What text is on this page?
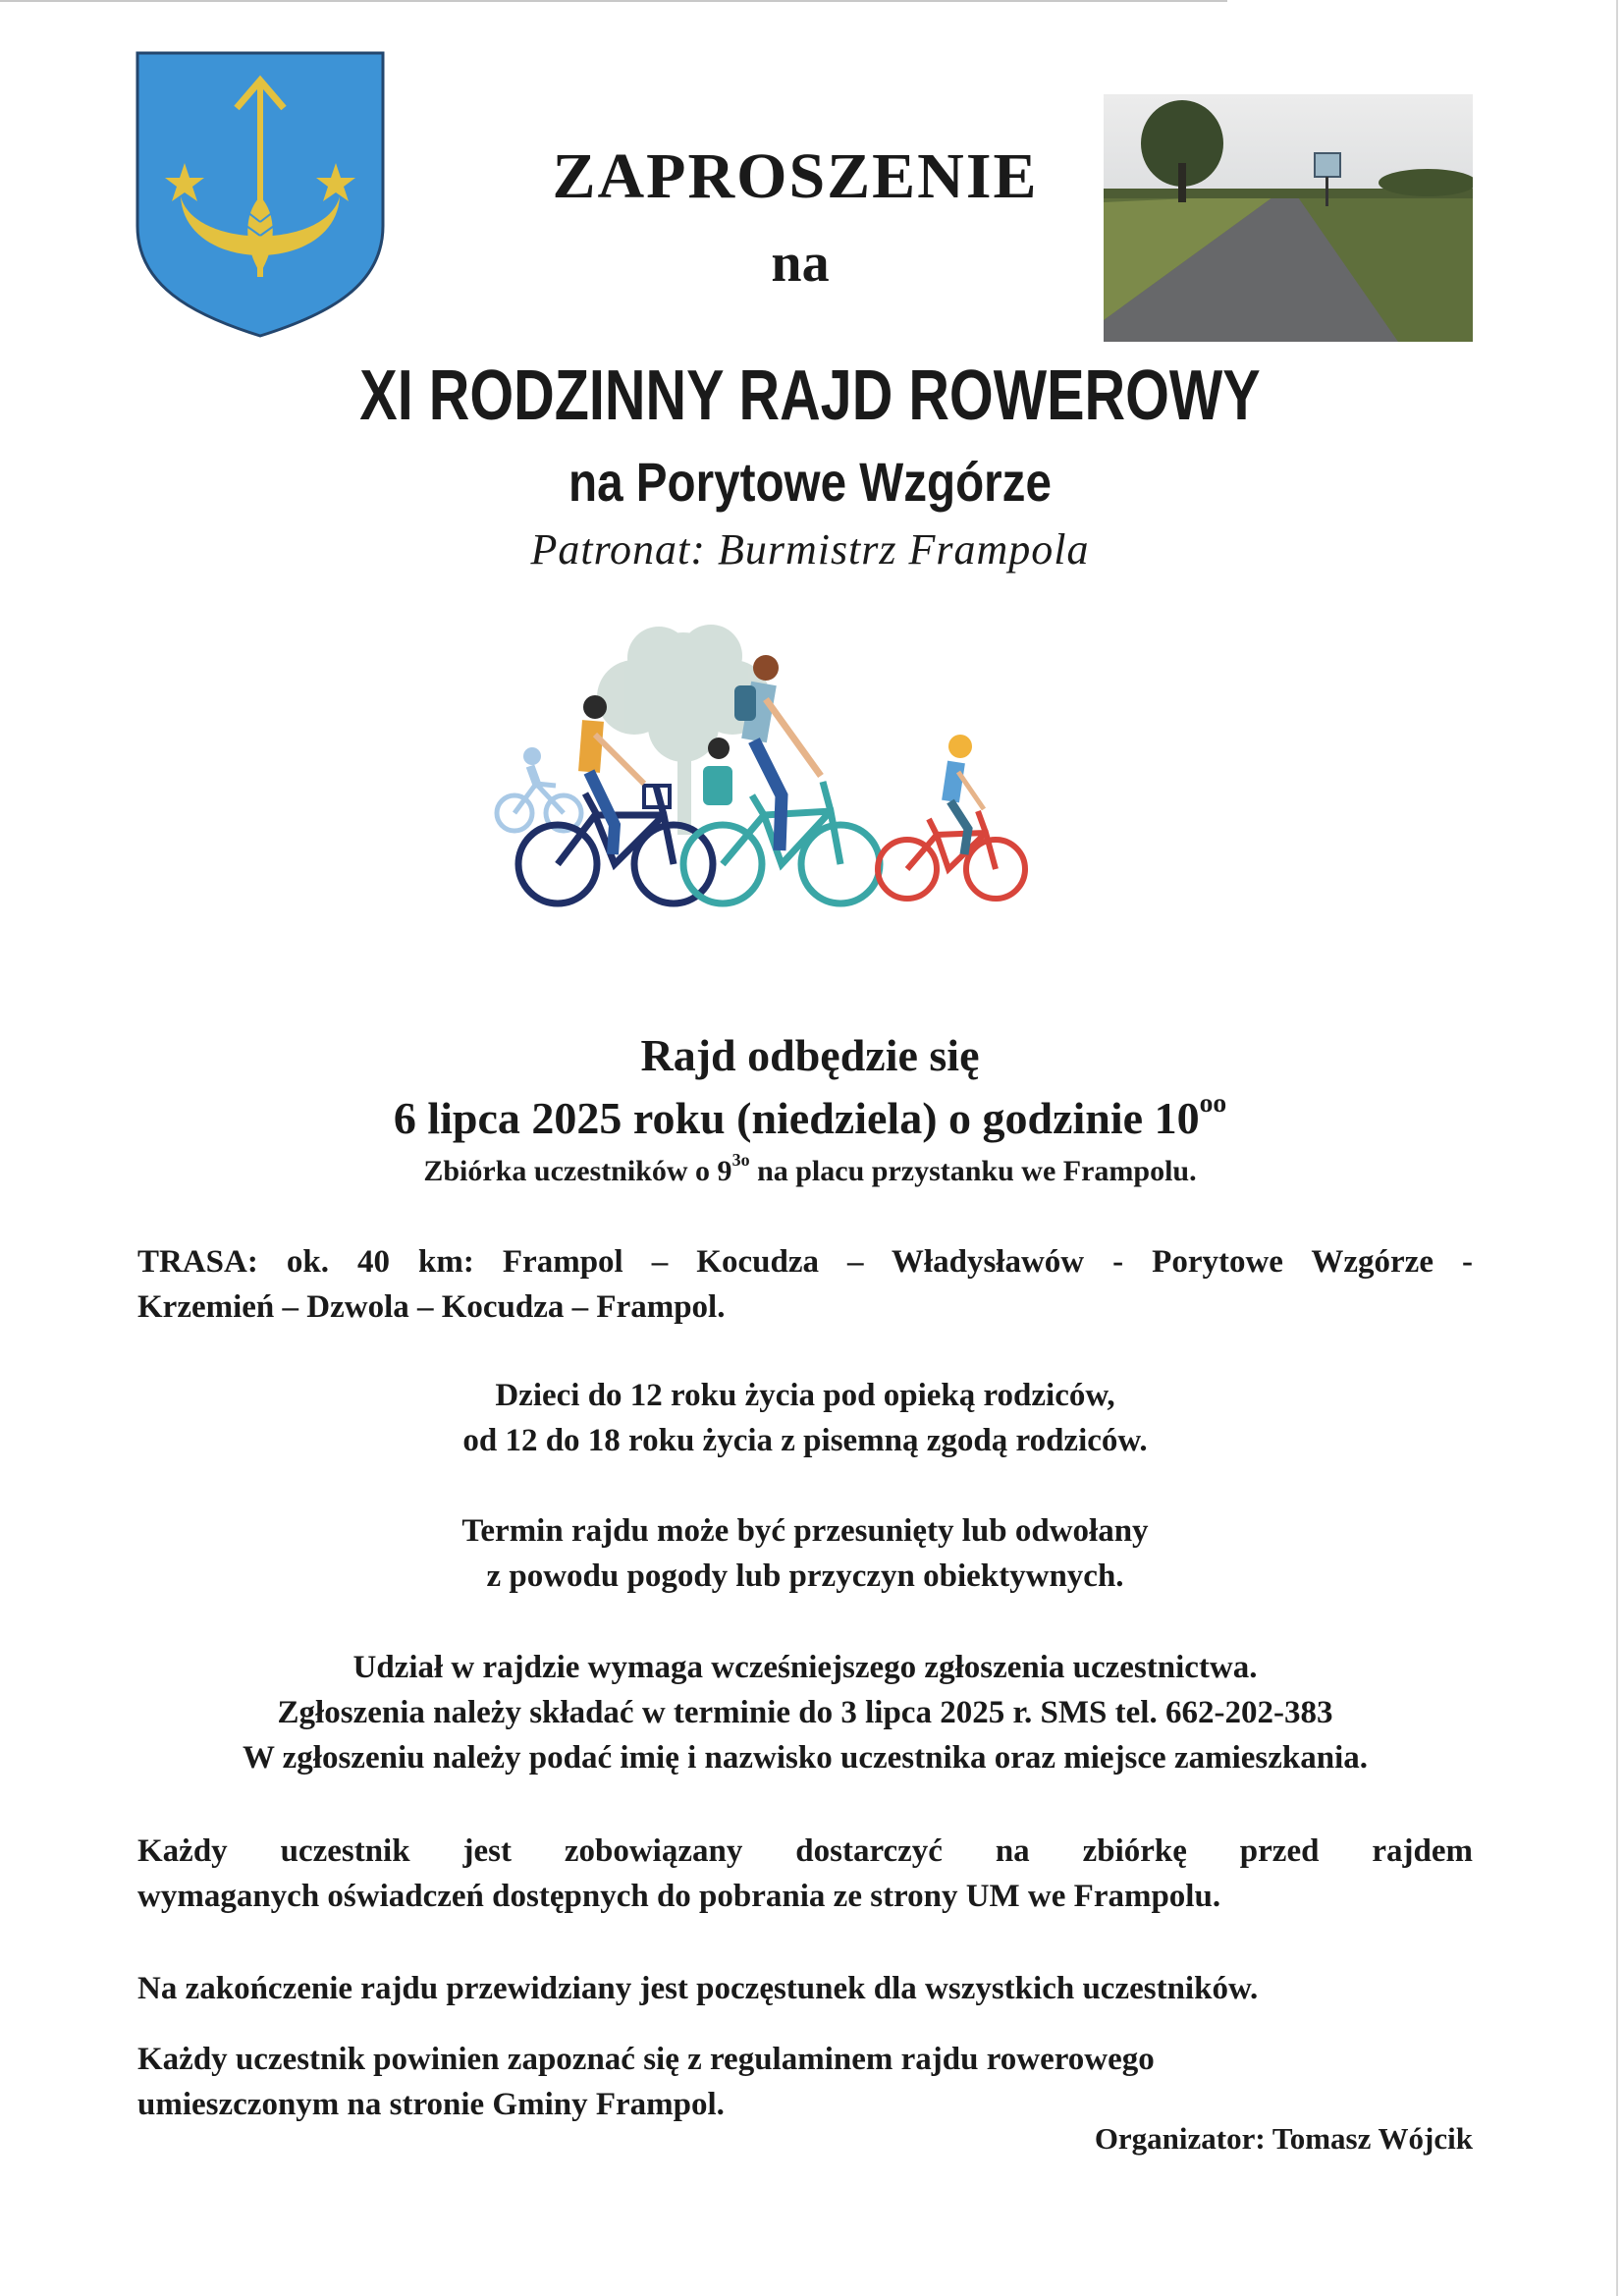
ZAPROSZENIE
na
XI RODZINNY RAJD ROWEROWY
na Porytowe Wzgórze
Patronat: Burmistrz Frampola
Rajd odbędzie się
6 lipca 2025 roku (niedziela) o godzinie $10^{oo}$
Zbiórka uczestników o $9^{3o}$ na placu przystanku we Frampolu.
TRASA: ok. 40 km: Frampol – Kocudza – Władysławów - Porytowe Wzgórze -
Krzemień – Dzwola – Kocudza – Frampol.
Dzieci do 12 roku życia pod opieką rodziców,
od 12 do 18 roku życia z pisemną zgodą rodziców.
Termin rajdu może być przesunięty lub odwołany
z powodu pogody lub przyczyn obiektywnych.
Udział w rajdzie wymaga wcześniejszego zgłoszenia uczestnictwa.
Zgłoszenia należy składać w terminie do 3 lipca 2025 r. SMS tel. 662-202-383
W zgłoszeniu należy podać imię i nazwisko uczestnika oraz miejsce zamieszkania.
Każdy uczestnik jest zobowiązany dostarczyć na zbiórkę przed rajdem
wymaganych oświadczeń dostępnych do pobrania ze strony UM we Frampolu.
Na zakończenie rajdu przewidziany jest poczęstunek dla wszystkich uczestników.
Każdy uczestnik powinien zapoznać się z regulaminem rajdu rowerowego
umieszczonym na stronie Gminy Frampol.
Organizator: Tomasz Wójcik
